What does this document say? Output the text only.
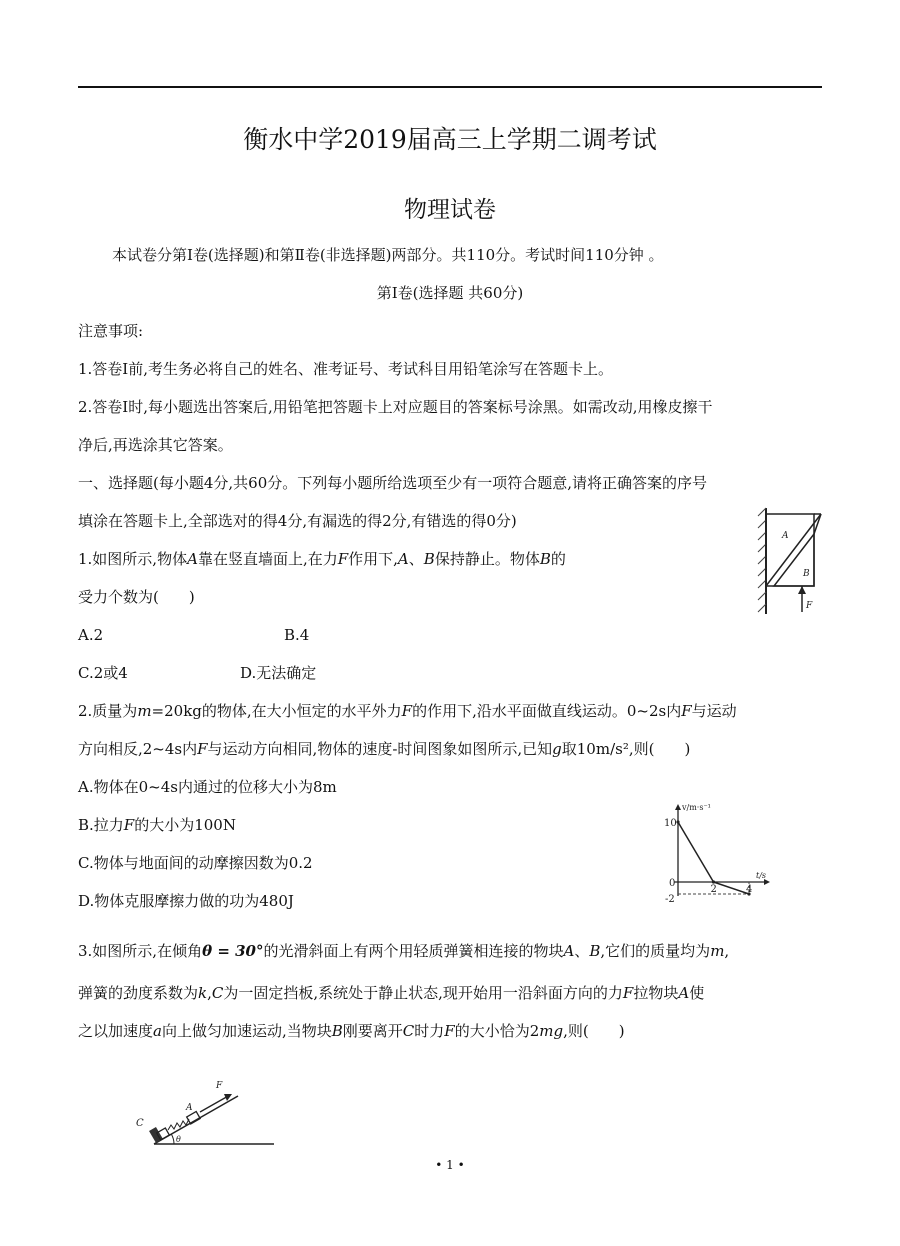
衡水中学2019届高三上学期二调考试
物理试卷
本试卷分第Ⅰ卷(选择题)和第Ⅱ卷(非选择题)两部分。共110分。考试时间110分钟 。
第Ⅰ卷(选择题 共60分)
注意事项:
1.答卷Ⅰ前,考生务必将自己的姓名、准考证号、考试科目用铅笔涂写在答题卡上。
2.答卷Ⅰ时,每小题选出答案后,用铅笔把答题卡上对应题目的答案标号涂黑。如需改动,用橡皮擦干
净后,再选涂其它答案。
一、选择题(每小题4分,共60分。下列每小题所给选项至少有一项符合题意,请将正确答案的序号
填涂在答题卡上,全部选对的得4分,有漏选的得2分,有错选的得0分)
1.如图所示,物体A靠在竖直墙面上,在力F作用下,A、B保持静止。物体B的
受力个数为(　　)
A.2	B.4
C.2或4	D.无法确定
A
B
F
2.质量为m=20kg的物体,在大小恒定的水平外力F的作用下,沿水平面做直线运动。0~2s内F与运动
方向相反,2~4s内F与运动方向相同,物体的速度-时间图象如图所示,已知g取10m/s²,则(　　)
A.物体在0~4s内通过的位移大小为8m
B.拉力F的大小为100N
C.物体与地面间的动摩擦因数为0.2
D.物体克服摩擦力做的功为480J
v/m·s⁻¹
t/s
10
0
-2
2	4
3.如图所示,在倾角θ = 30°的光滑斜面上有两个用轻质弹簧相连接的物块A、B,它们的质量均为m,
弹簧的劲度系数为k,C为一固定挡板,系统处于静止状态,现开始用一沿斜面方向的力F拉物块A使
之以加速度a向上做匀加速运动,当物块B刚要离开C时力F的大小恰为2mg,则(　　)
C
A
F
θ
• 1 •
